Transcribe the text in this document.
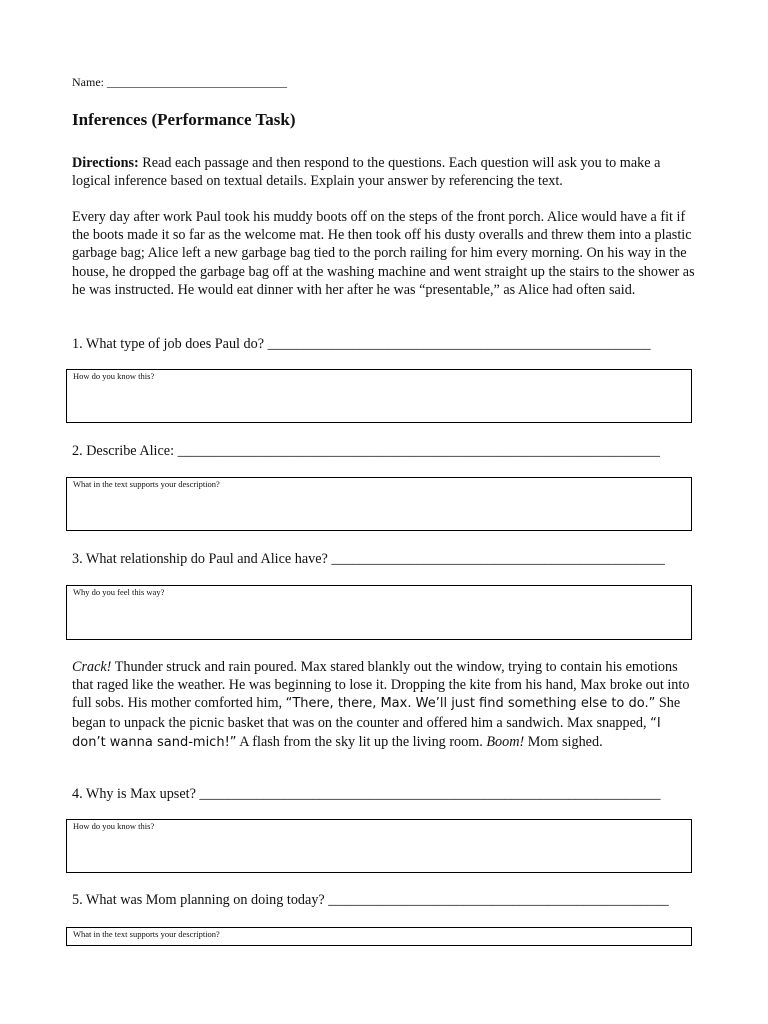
Name: ______________________________
Inferences (Performance Task)

Directions: Read each passage and then respond to the questions. Each question will ask you to make a logical inference based on textual details. Explain your answer by referencing the text.

Every day after work Paul took his muddy boots off on the steps of the front porch. Alice would have a fit if the boots made it so far as the welcome mat. He then took off his dusty overalls and threw them into a plastic garbage bag; Alice left a new garbage bag tied to the porch railing for him every morning. On his way in the house, he dropped the garbage bag off at the washing machine and went straight up the stairs to the shower as he was instructed. He would eat dinner with her after he was “presentable,” as Alice had often said.

1. What type of job does Paul do? ______________________________________________________

How do you know this?

2. Describe Alice: ____________________________________________________________________

What in the text supports your description?

3. What relationship do Paul and Alice have? _______________________________________________

Why do you feel this way?

Crack! Thunder struck and rain poured. Max stared blankly out the window, trying to contain his emotions that raged like the weather. He was beginning to lose it. Dropping the kite from his hand, Max broke out into full sobs. His mother comforted him, “There, there, Max. We’ll just find something else to do.” She began to unpack the picnic basket that was on the counter and offered him a sandwich. Max snapped, “I don’t wanna sand-mich!” A flash from the sky lit up the living room. Boom! Mom sighed.

4. Why is Max upset? _________________________________________________________________

How do you know this?

5. What was Mom planning on doing today? ________________________________________________

What in the text supports your description?
